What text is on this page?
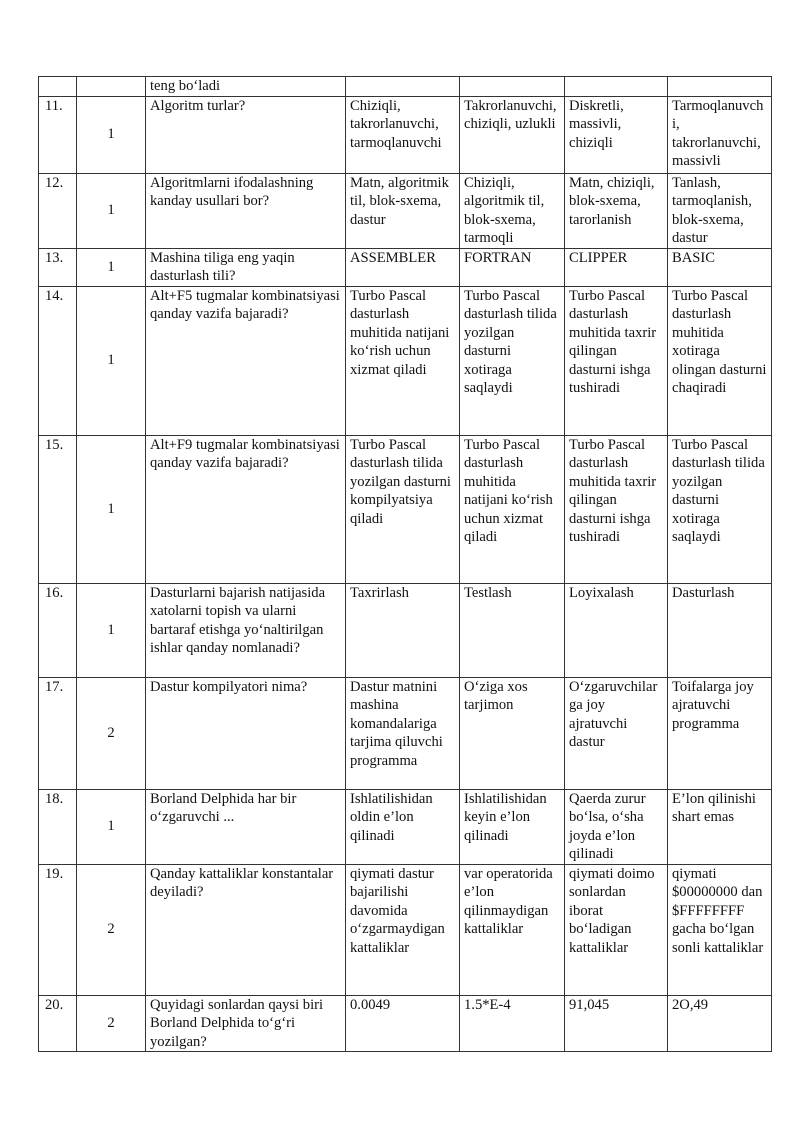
		teng bo‘ladi				
11.	1	Algoritm turlar?	Chiziqli, takrorlanuvchi, tarmoqlanuvchi	Takrorlanuvchi, chiziqli, uzlukli	Diskretli, massivli, chiziqli	Tarmoqlanuvchi, takrorlanuvchi, massivli
12.	1	Algoritmlarni ifodalashning kanday usullari bor?	Matn, algoritmik til, blok-sxema, dastur	Chiziqli, algoritmik til, blok-sxema, tarmoqli	Matn, chiziqli, blok-sxema, tarorlanish	Tanlash, tarmoqlanish, blok-sxema, dastur
13.	1	Mashina tiliga eng yaqin dasturlash tili?	ASSEMBLER	FORTRAN	CLIPPER	BASIC
14.	1	Alt+F5 tugmalar kombinatsiyasi qanday vazifa bajaradi?	Turbo Pascal dasturlash muhitida natijani ko‘rish uchun xizmat qiladi	Turbo Pascal dasturlash tilida yozilgan dasturni xotiraga saqlaydi	Turbo Pascal dasturlash muhitida taxrir qilingan dasturni ishga tushiradi	Turbo Pascal dasturlash muhitida xotiraga olingan dasturni chaqiradi
15.	1	Alt+F9 tugmalar kombinatsiyasi qanday vazifa bajaradi?	Turbo Pascal dasturlash tilida yozilgan dasturni kompilyatsiya qiladi	Turbo Pascal dasturlash muhitida natijani ko‘rish uchun xizmat qiladi	Turbo Pascal dasturlash muhitida taxrir qilingan dasturni ishga tushiradi	Turbo Pascal dasturlash tilida yozilgan dasturni xotiraga saqlaydi
16.	1	Dasturlarni bajarish natijasida xatolarni topish va ularni bartaraf etishga yo‘naltirilgan ishlar qanday nomlanadi?	Taxrirlash	Testlash	Loyixalash	Dasturlash
17.	2	Dastur kompilyatori nima?	Dastur matnini mashina komandalariga tarjima qiluvchi programma	O‘ziga xos tarjimon	O‘zgaruvchilarga joy ajratuvchi dastur	Toifalarga joy ajratuvchi programma
18.	1	Borland Delphida har bir o‘zgaruvchi ...	Ishlatilishidan oldin e’lon qilinadi	Ishlatilishidan keyin e’lon qilinadi	Qaerda zurur bo‘lsa, o‘sha joyda e’lon qilinadi	E’lon qilinishi shart emas
19.	2	Qanday kattaliklar konstantalar deyiladi?	qiymati dastur bajarilishi davomida o‘zgarmaydigan kattaliklar	var operatorida e’lon qilinmaydigan kattaliklar	qiymati doimo sonlardan iborat bo‘ladigan kattaliklar	qiymati $00000000 dan $FFFFFFFF gacha bo‘lgan sonli kattaliklar
20.	2	Quyidagi sonlardan qaysi biri Borland Delphida to‘g‘ri yozilgan?	0.0049	1.5*E-4	91,045	2O,49
